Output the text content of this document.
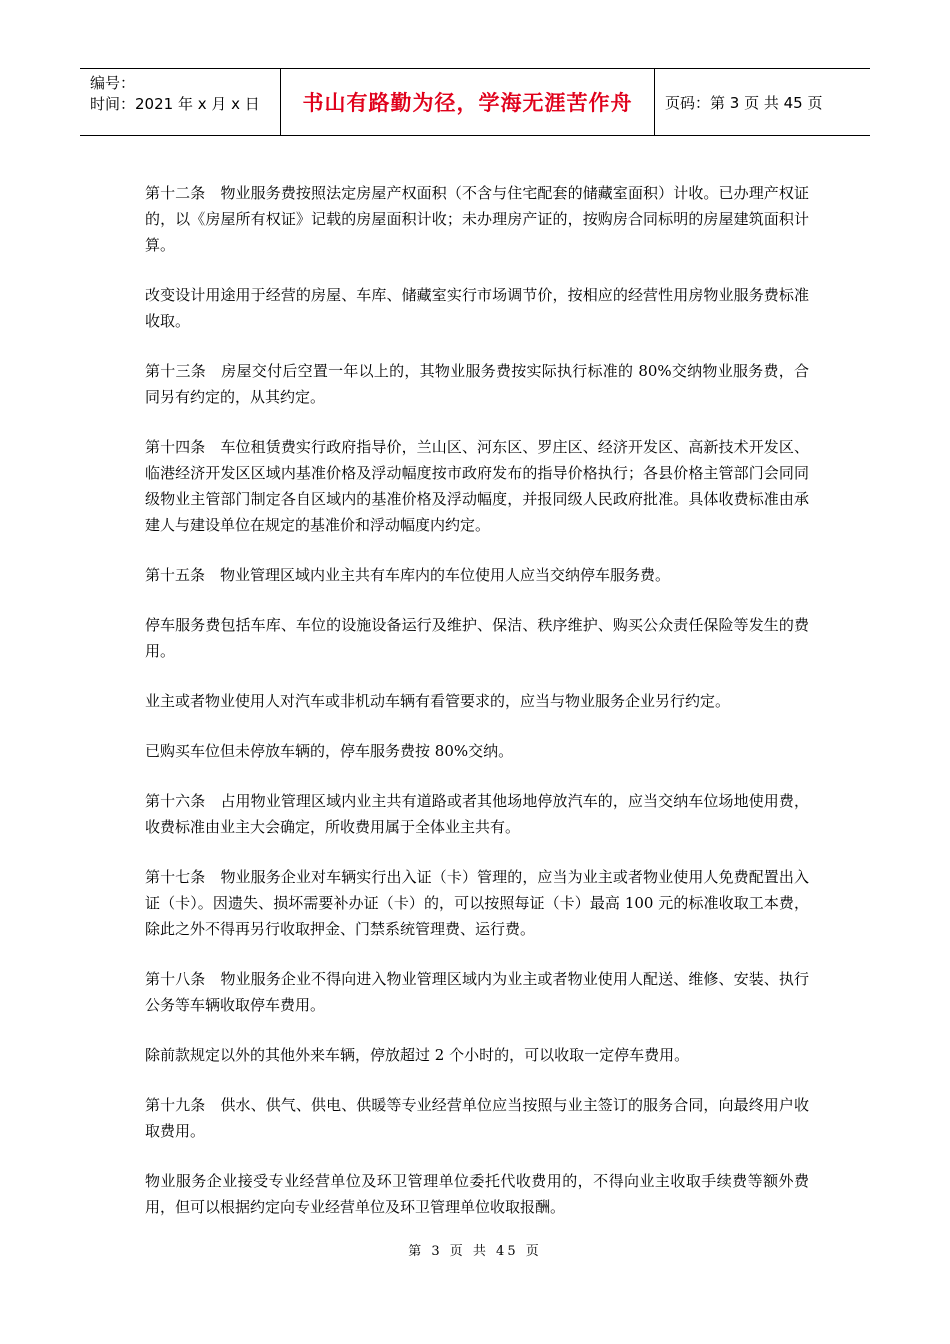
编号：
时间：2021 年 x 月 x 日	书山有路勤为径，学海无涯苦作舟	页码：第 3 页 共 45 页

第十二条　物业服务费按照法定房屋产权面积（不含与住宅配套的储藏室面积）计收。已办理产权证的，以《房屋所有权证》记载的房屋面积计收；未办理房产证的，按购房合同标明的房屋建筑面积计算。

改变设计用途用于经营的房屋、车库、储藏室实行市场调节价，按相应的经营性用房物业服务费标准收取。

第十三条　房屋交付后空置一年以上的，其物业服务费按实际执行标准的 80%交纳物业服务费，合同另有约定的，从其约定。

第十四条　车位租赁费实行政府指导价，兰山区、河东区、罗庄区、经济开发区、高新技术开发区、临港经济开发区区域内基准价格及浮动幅度按市政府发布的指导价格执行；各县价格主管部门会同同级物业主管部门制定各自区域内的基准价格及浮动幅度，并报同级人民政府批准。具体收费标准由承建人与建设单位在规定的基准价和浮动幅度内约定。

第十五条　物业管理区域内业主共有车库内的车位使用人应当交纳停车服务费。

停车服务费包括车库、车位的设施设备运行及维护、保洁、秩序维护、购买公众责任保险等发生的费用。

业主或者物业使用人对汽车或非机动车辆有看管要求的，应当与物业服务企业另行约定。

已购买车位但未停放车辆的，停车服务费按 80%交纳。

第十六条　占用物业管理区域内业主共有道路或者其他场地停放汽车的，应当交纳车位场地使用费，收费标准由业主大会确定，所收费用属于全体业主共有。

第十七条　物业服务企业对车辆实行出入证（卡）管理的，应当为业主或者物业使用人免费配置出入证（卡）。因遗失、损坏需要补办证（卡）的，可以按照每证（卡）最高 100 元的标准收取工本费，除此之外不得再另行收取押金、门禁系统管理费、运行费。

第十八条　物业服务企业不得向进入物业管理区域内为业主或者物业使用人配送、维修、安装、执行公务等车辆收取停车费用。

除前款规定以外的其他外来车辆，停放超过 2 个小时的，可以收取一定停车费用。

第十九条　供水、供气、供电、供暖等专业经营单位应当按照与业主签订的服务合同，向最终用户收取费用。

物业服务企业接受专业经营单位及环卫管理单位委托代收费用的，不得向业主收取手续费等额外费用，但可以根据约定向专业经营单位及环卫管理单位收取报酬。

第 3 页 共 45 页
